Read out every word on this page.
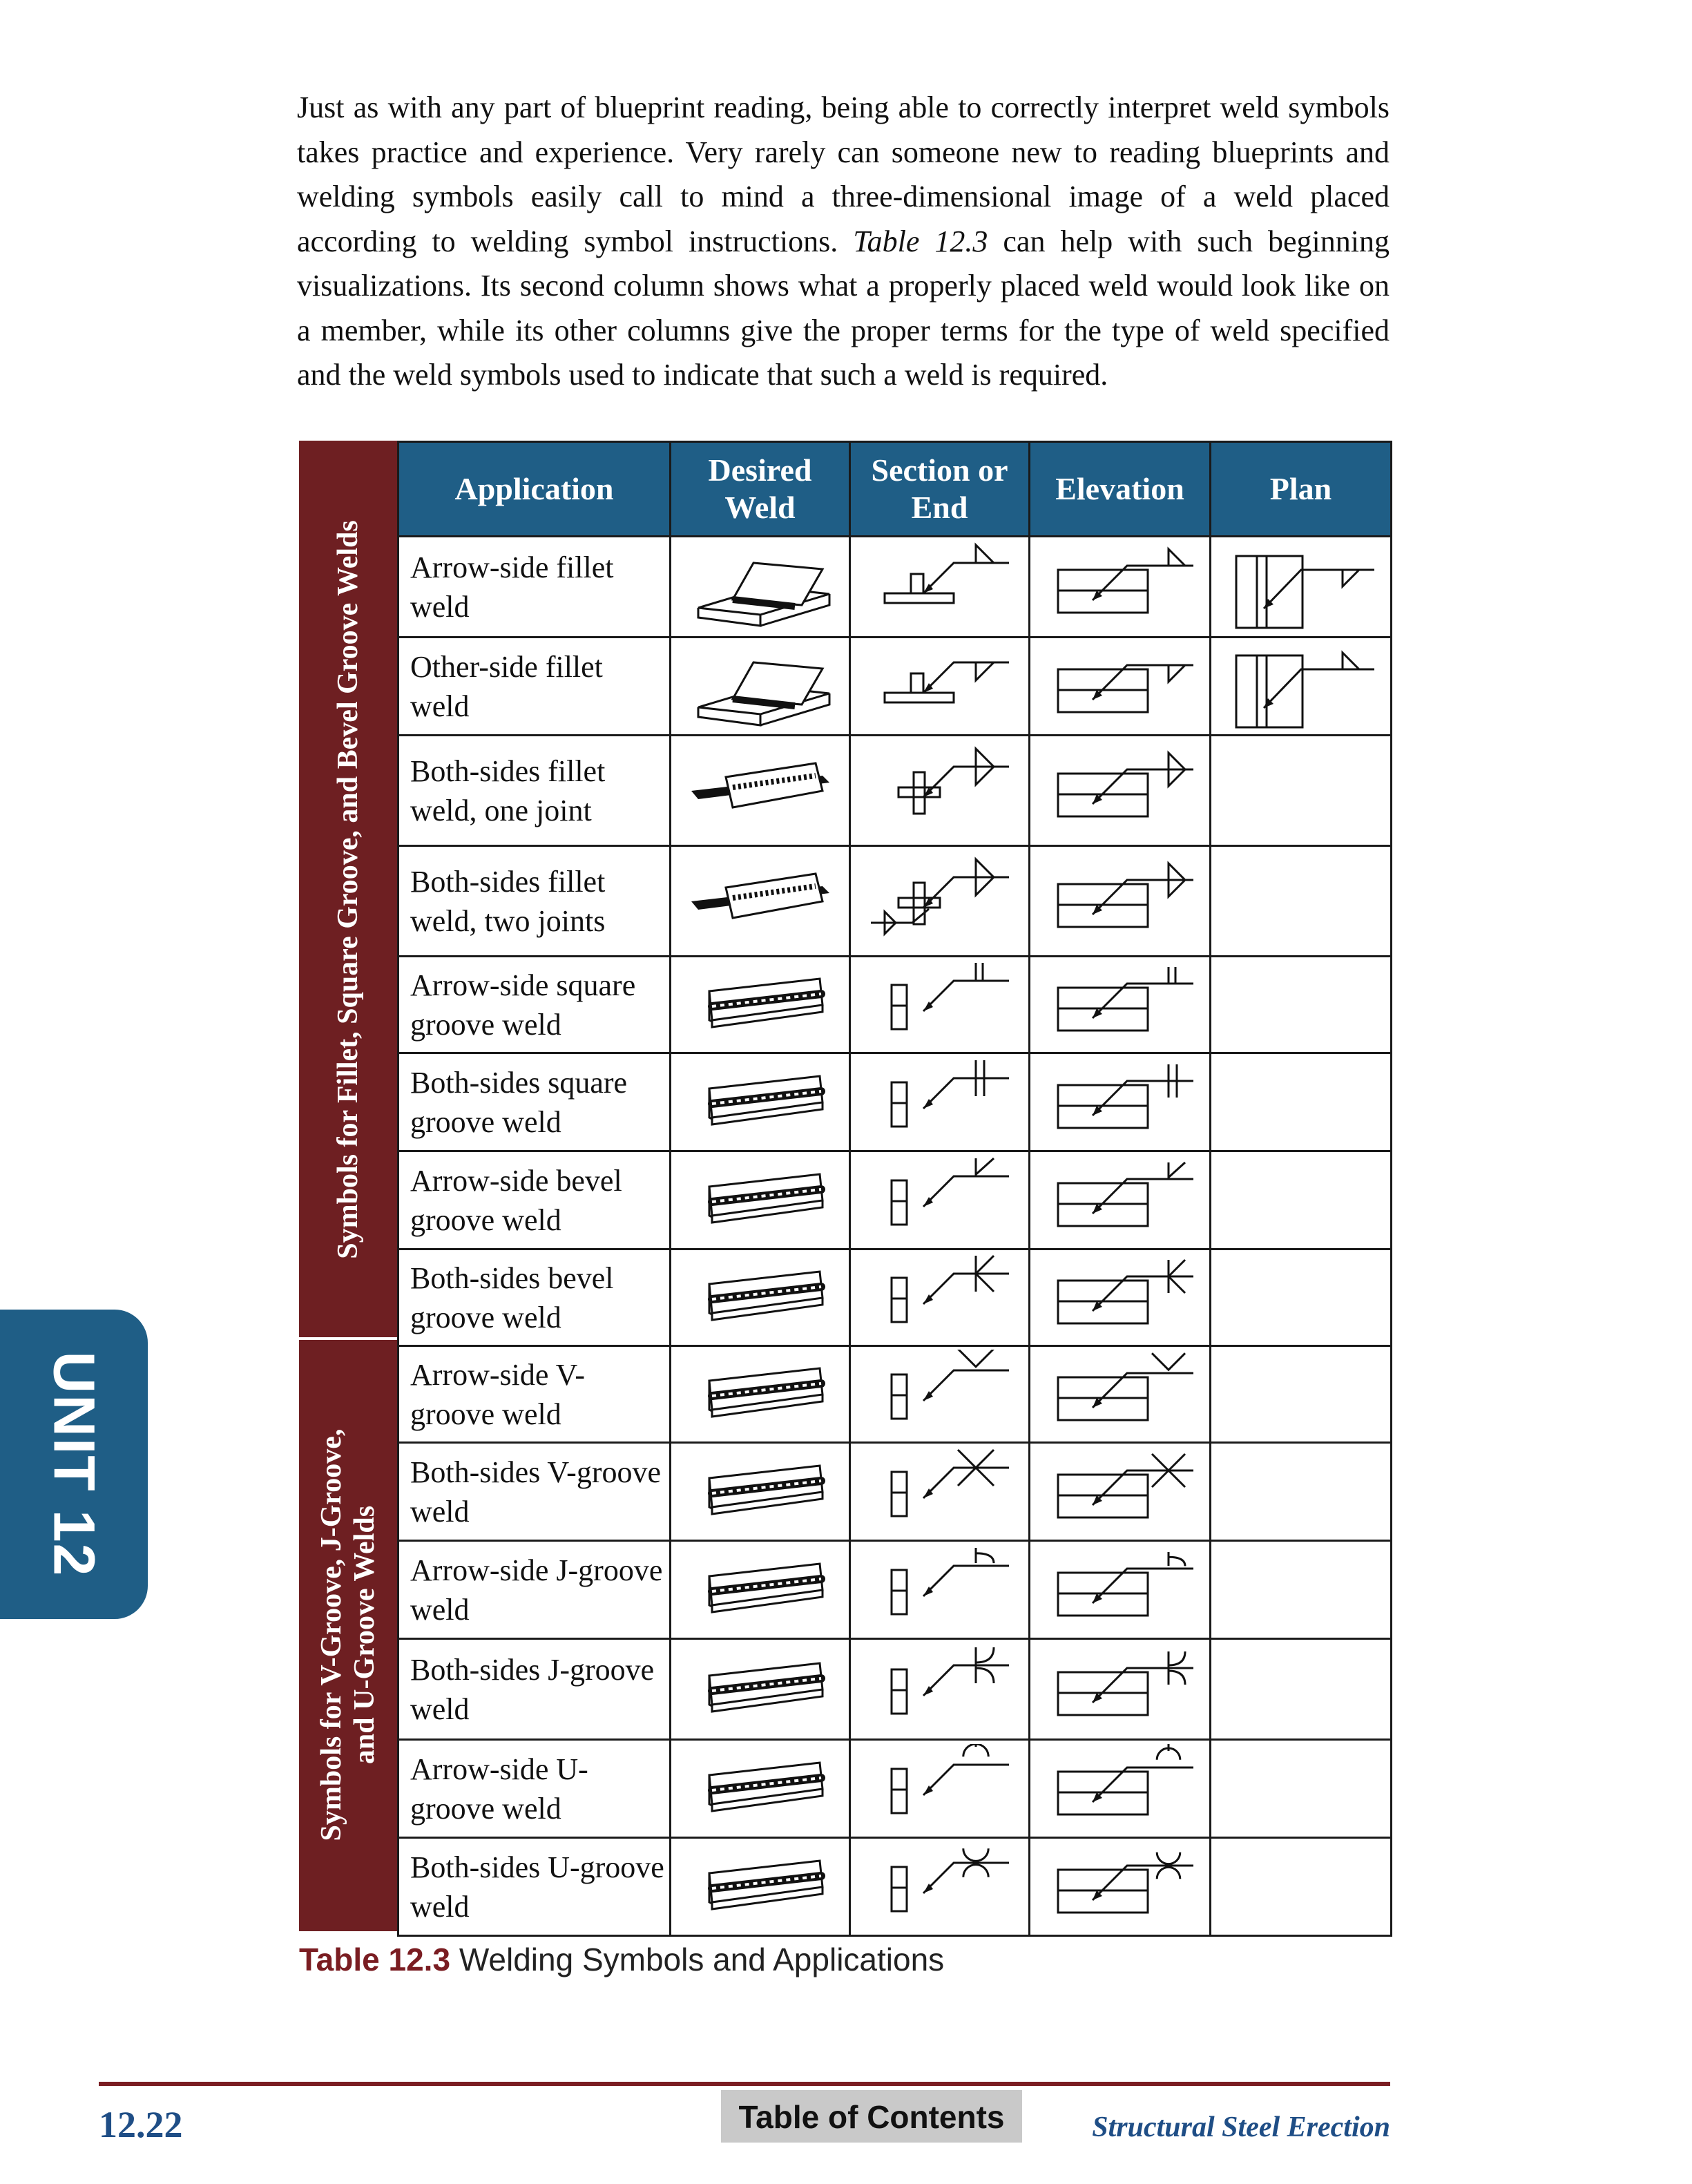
Just as with any part of blueprint reading, being able to correctly interpret weld symbols takes practice and experience. Very rarely can someone new to reading blueprints and welding symbols easily call to mind a three-dimensional image of a weld placed according to welding symbol instructions. Table 12.3 can help with such beginning visualizations. Its second column shows what a properly placed weld would look like on a member, while its other columns give the proper terms for the type of weld specified and the weld symbols used to indicate that such a weld is required.

Symbols for Fillet, Square Groove, and Bevel Groove Welds
Symbols for V-Groove, J-Groove, and U-Groove Welds
Application	Desired Weld	Section or End	Elevation	Plan
Arrow-side fillet weld	

Other-side fillet weld	

Both-sides fillet weld, one joint	

Both-sides fillet weld, two joints	

Arrow-side square groove weld	

Both-sides square groove weld	

Arrow-side bevel groove weld	

Both-sides bevel groove weld	

Arrow-side V-groove weld	

Both-sides V-groove weld	

Arrow-side J-groove weld	

Both-sides J-groove weld	

Arrow-side U-groove weld	

Both-sides U-groove weld	

Table 12.3 Welding Symbols and Applications
UNIT 12
12.22	Table of Contents	Structural Steel Erection
